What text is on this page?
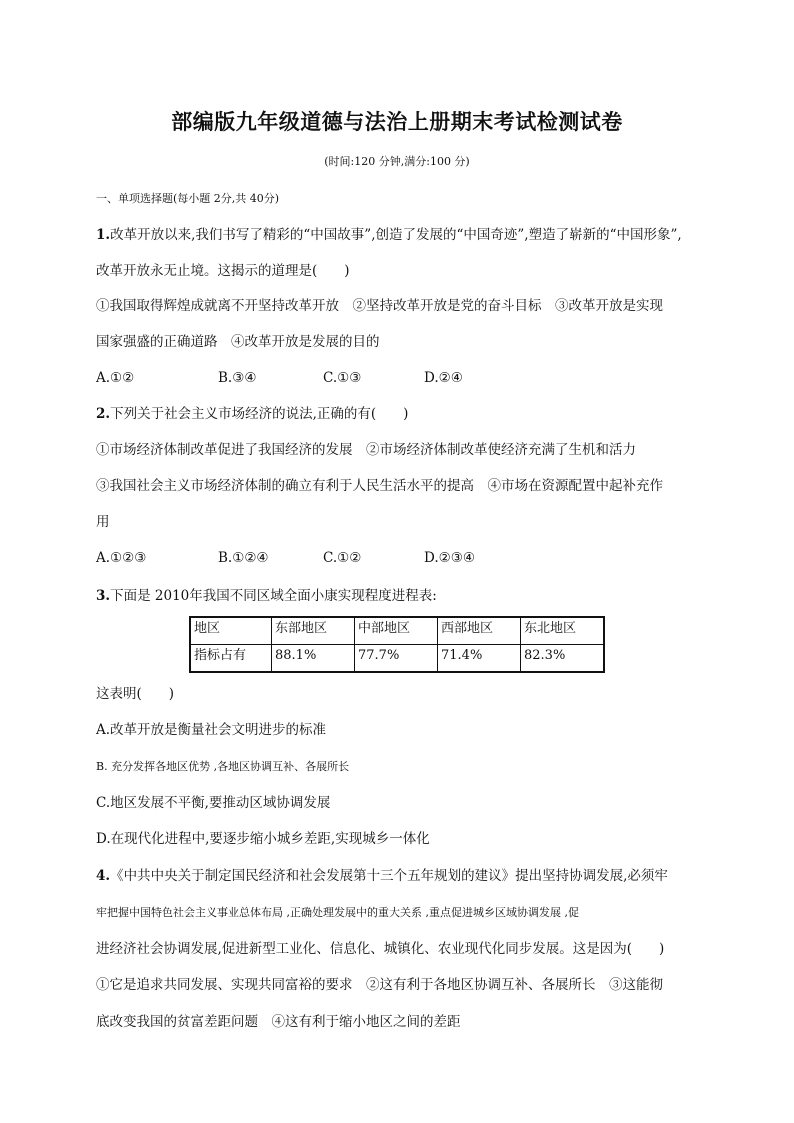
部编版九年级道德与法治上册期末考试检测试卷
(时间:120 分钟,满分:100 分)
一、单项选择题(每小题 2分,共 40分)
1.改革开放以来,我们书写了精彩的“中国故事”,创造了发展的“中国奇迹”,塑造了崭新的“中国形象”,
改革开放永无止境。这揭示的道理是(　　)
①我国取得辉煌成就离不开坚持改革开放　②坚持改革开放是党的奋斗目标　③改革开放是实现
国家强盛的正确道路　④改革开放是发展的目的
A.①②	B.③④	C.①③	D.②④
2.下列关于社会主义市场经济的说法,正确的有(　　)
①市场经济体制改革促进了我国经济的发展　②市场经济体制改革使经济充满了生机和活力
③我国社会主义市场经济体制的确立有利于人民生活水平的提高　④市场在资源配置中起补充作
用
A.①②③	B.①②④	C.①②	D.②③④
3.下面是 2010年我国不同区域全面小康实现程度进程表:
地区	东部地区	中部地区	西部地区	东北地区
指标占有	88.1%	77.7%	71.4%	82.3%
这表明(　　)
A.改革开放是衡量社会文明进步的标准
B. 充分发挥各地区优势 ,各地区协调互补、各展所长
C.地区发展不平衡,要推动区域协调发展
D.在现代化进程中,要逐步缩小城乡差距,实现城乡一体化
4.《中共中央关于制定国民经济和社会发展第十三个五年规划的建议》提出坚持协调发展,必须牢
牢把握中国特色社会主义事业总体布局 ,正确处理发展中的重大关系 ,重点促进城乡区域协调发展 ,促
进经济社会协调发展,促进新型工业化、信息化、城镇化、农业现代化同步发展。这是因为(　　)
①它是追求共同发展、实现共同富裕的要求　②这有利于各地区协调互补、各展所长　③这能彻
底改变我国的贫富差距问题　④这有利于缩小地区之间的差距
